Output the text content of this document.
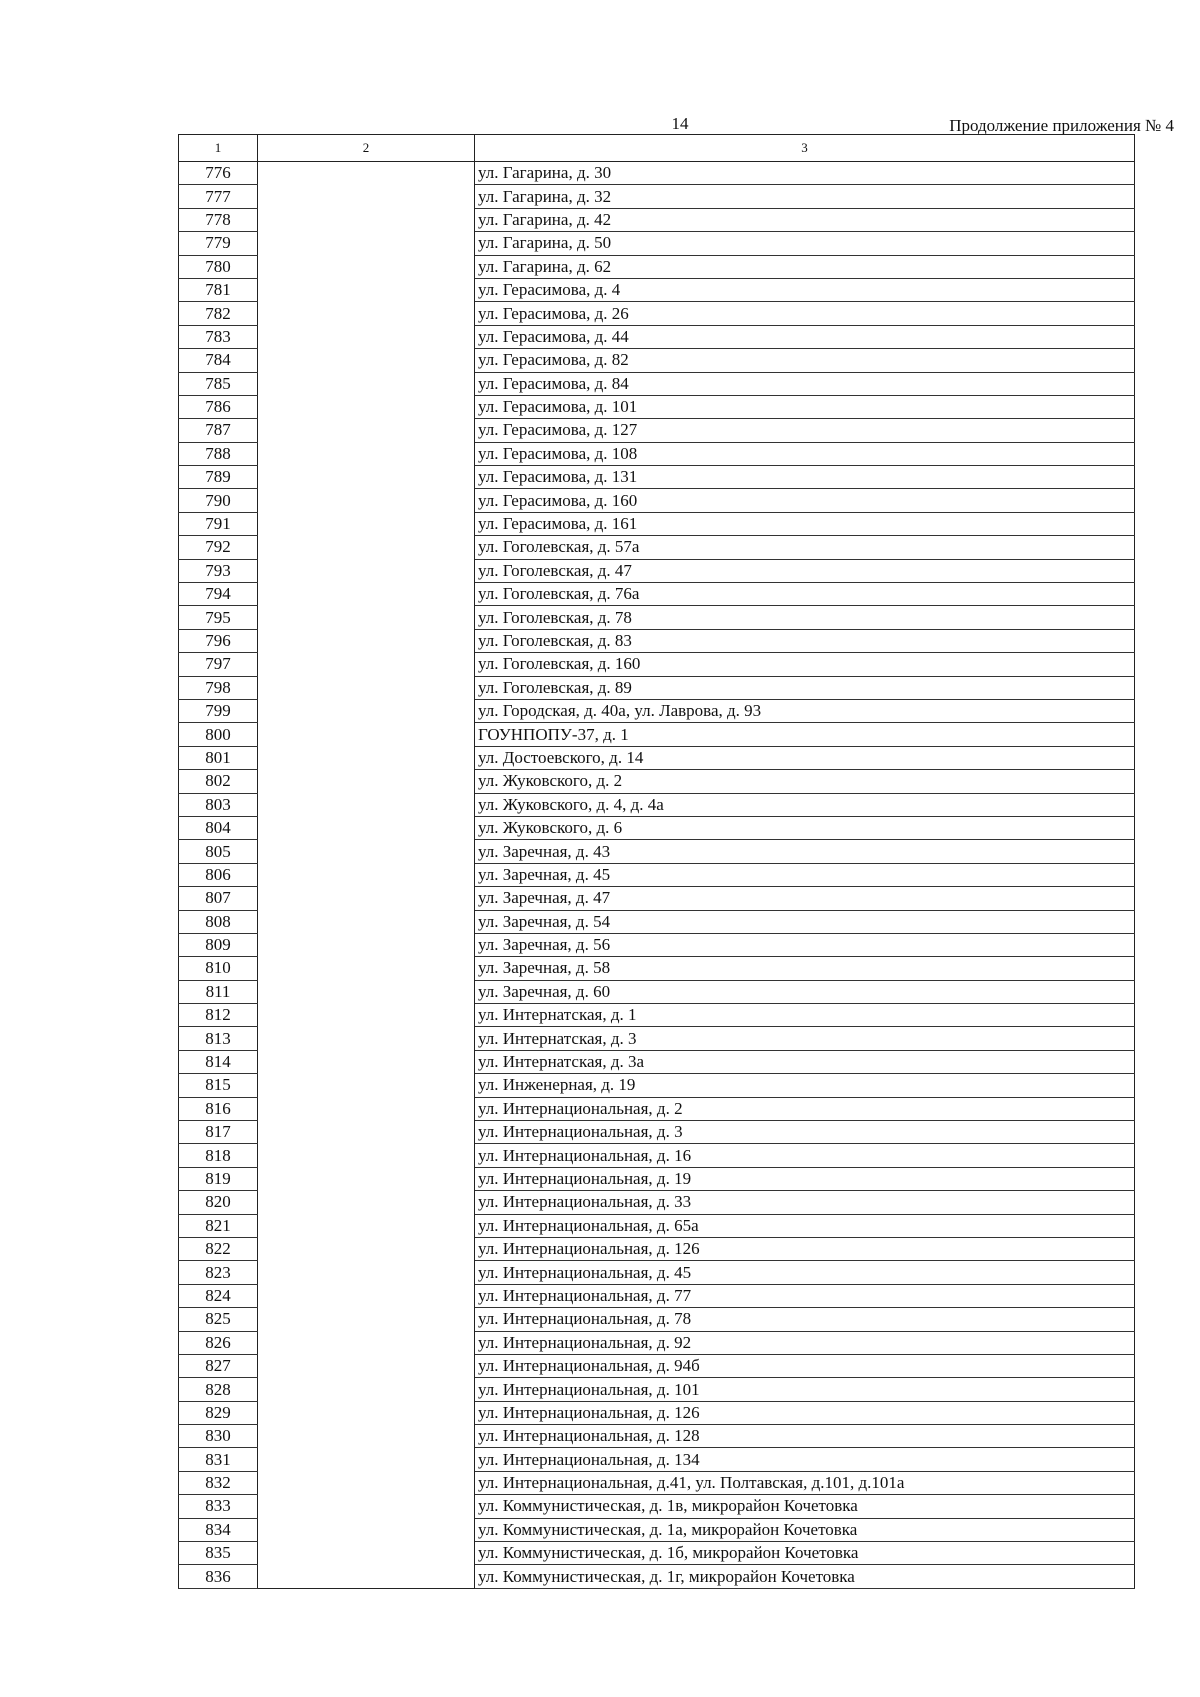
14	Продолжение приложения № 4
1	2	3
776		ул. Гагарина, д. 30
777		ул. Гагарина, д. 32
778		ул. Гагарина, д. 42
779		ул. Гагарина, д. 50
780		ул. Гагарина, д. 62
781		ул. Герасимова, д. 4
782		ул. Герасимова, д. 26
783		ул. Герасимова, д. 44
784		ул. Герасимова, д. 82
785		ул. Герасимова, д. 84
786		ул. Герасимова, д. 101
787		ул. Герасимова, д. 127
788		ул. Герасимова, д. 108
789		ул. Герасимова, д. 131
790		ул. Герасимова, д. 160
791		ул. Герасимова, д. 161
792		ул. Гоголевская, д. 57а
793		ул. Гоголевская, д. 47
794		ул. Гоголевская, д. 76а
795		ул. Гоголевская, д. 78
796		ул. Гоголевская, д. 83
797		ул. Гоголевская, д. 160
798		ул. Гоголевская, д. 89
799		ул. Городская, д. 40а, ул. Лаврова, д. 93
800		ГОУНПОПУ-37, д. 1
801		ул. Достоевского, д. 14
802		ул. Жуковского, д. 2
803		ул. Жуковского, д. 4, д. 4а
804		ул. Жуковского, д. 6
805		ул. Заречная, д. 43
806		ул. Заречная, д. 45
807		ул. Заречная, д. 47
808		ул. Заречная, д. 54
809		ул. Заречная, д. 56
810		ул. Заречная, д. 58
811		ул. Заречная, д. 60
812		ул. Интернатская, д. 1
813		ул. Интернатская, д. 3
814		ул. Интернатская, д. 3а
815		ул. Инженерная, д. 19
816		ул. Интернациональная, д. 2
817		ул. Интернациональная, д. 3
818		ул. Интернациональная, д. 16
819		ул. Интернациональная, д. 19
820		ул. Интернациональная, д. 33
821		ул. Интернациональная, д. 65а
822		ул. Интернациональная, д. 126
823		ул. Интернациональная, д. 45
824		ул. Интернациональная, д. 77
825		ул. Интернациональная, д. 78
826		ул. Интернациональная, д. 92
827		ул. Интернациональная, д. 94б
828		ул. Интернациональная, д. 101
829		ул. Интернациональная, д. 126
830		ул. Интернациональная, д. 128
831		ул. Интернациональная, д. 134
832		ул. Интернациональная, д.41, ул. Полтавская, д.101, д.101а
833		ул. Коммунистическая, д. 1в, микрорайон Кочетовка
834		ул. Коммунистическая, д. 1а, микрорайон Кочетовка
835		ул. Коммунистическая, д. 1б, микрорайон Кочетовка
836		ул. Коммунистическая, д. 1г, микрорайон Кочетовка
